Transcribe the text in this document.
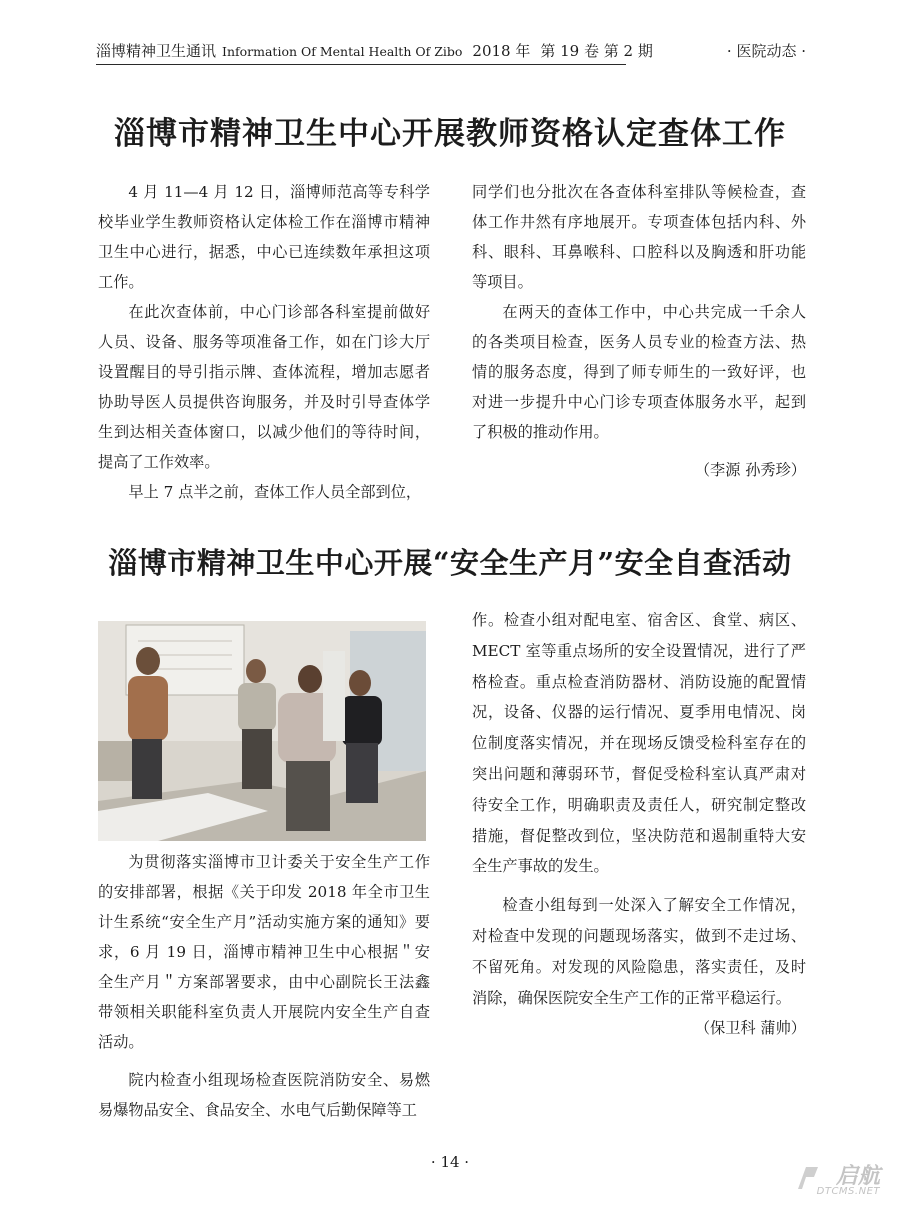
淄博精神卫生通讯 Information Of Mental Health Of Zibo 2018 年 第 19 卷 第 2 期	· 医院动态 ·
淄博市精神卫生中心开展教师资格认定查体工作

4 月 11—4 月 12 日，淄博师范高等专科学校毕业学生教师资格认定体检工作在淄博市精神卫生中心进行，据悉，中心已连续数年承担这项工作。

在此次查体前，中心门诊部各科室提前做好人员、设备、服务等项准备工作，如在门诊大厅设置醒目的导引指示牌、查体流程，增加志愿者协助导医人员提供咨询服务，并及时引导查体学生到达相关查体窗口，以减少他们的等待时间，提高了工作效率。

早上 7 点半之前，查体工作人员全部到位，

同学们也分批次在各查体科室排队等候检查，查体工作井然有序地展开。专项查体包括内科、外科、眼科、耳鼻喉科、口腔科以及胸透和肝功能等项目。

在两天的查体工作中，中心共完成一千余人的各类项目检查，医务人员专业的检查方法、热情的服务态度，得到了师专师生的一致好评，也对进一步提升中心门诊专项查体服务水平，起到了积极的推动作用。

（李源 孙秀珍）

淄博市精神卫生中心开展“安全生产月”安全自查活动

为贯彻落实淄博市卫计委关于安全生产工作的安排部署，根据《关于印发 2018 年全市卫生计生系统“安全生产月”活动实施方案的通知》要求，6 月 19 日，淄博市精神卫生中心根据＂安全生产月＂方案部署要求，由中心副院长王法鑫带领相关职能科室负责人开展院内安全生产自查活动。

院内检查小组现场检查医院消防安全、易燃易爆物品安全、食品安全、水电气后勤保障等工

作。检查小组对配电室、宿舍区、食堂、病区、MECT 室等重点场所的安全设置情况，进行了严格检查。重点检查消防器材、消防设施的配置情况，设备、仪器的运行情况、夏季用电情况、岗位制度落实情况，并在现场反馈受检科室存在的突出问题和薄弱环节，督促受检科室认真严肃对待安全工作，明确职责及责任人，研究制定整改措施，督促整改到位，坚决防范和遏制重特大安全生产事故的发生。

检查小组每到一处深入了解安全工作情况，对检查中发现的问题现场落实，做到不走过场、不留死角。对发现的风险隐患，落实责任，及时消除，确保医院安全生产工作的正常平稳运行。

（保卫科 蒲帅）

· 14 ·
启航
DTCMS.NET
